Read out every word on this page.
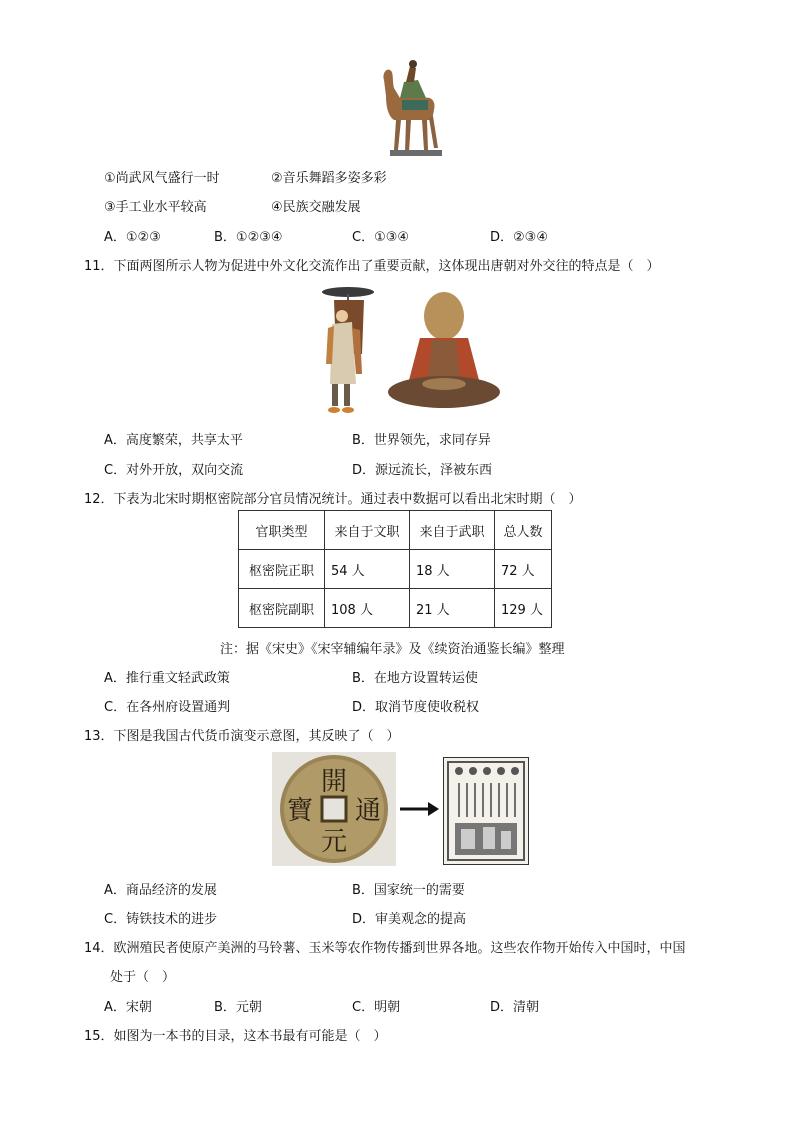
①尚武风气盛行一时	②音乐舞蹈多姿多彩
③手工业水平较高	④民族交融发展
A．①②③	B．①②③④	C．①③④	D．②③④
11．下面两图所示人物为促进中外文化交流作出了重要贡献，这体现出唐朝对外交往的特点是（　）
A．高度繁荣，共享太平	B．世界领先，求同存异
C．对外开放，双向交流	D．源远流长，泽被东西
12．下表为北宋时期枢密院部分官员情况统计。通过表中数据可以看出北宋时期（　）
官职类型	来自于文职	来自于武职	总人数
枢密院正职	54 人	18 人	72 人
枢密院副职	108 人	21 人	129 人
注：据《宋史》《宋宰辅编年录》及《续资治通鉴长编》整理
A．推行重文轻武政策	B．在地方设置转运使
C．在各州府设置通判	D．取消节度使收税权
13．下图是我国古代货币演变示意图，其反映了（　）
開
元
通
寶
A．商品经济的发展	B．国家统一的需要
C．铸铁技术的进步	D．审美观念的提高
14．欧洲殖民者使原产美洲的马铃薯、玉米等农作物传播到世界各地。这些农作物开始传入中国时，中国
处于（　）
A．宋朝	B．元朝	C．明朝	D．清朝
15．如图为一本书的目录，这本书最有可能是（　）
